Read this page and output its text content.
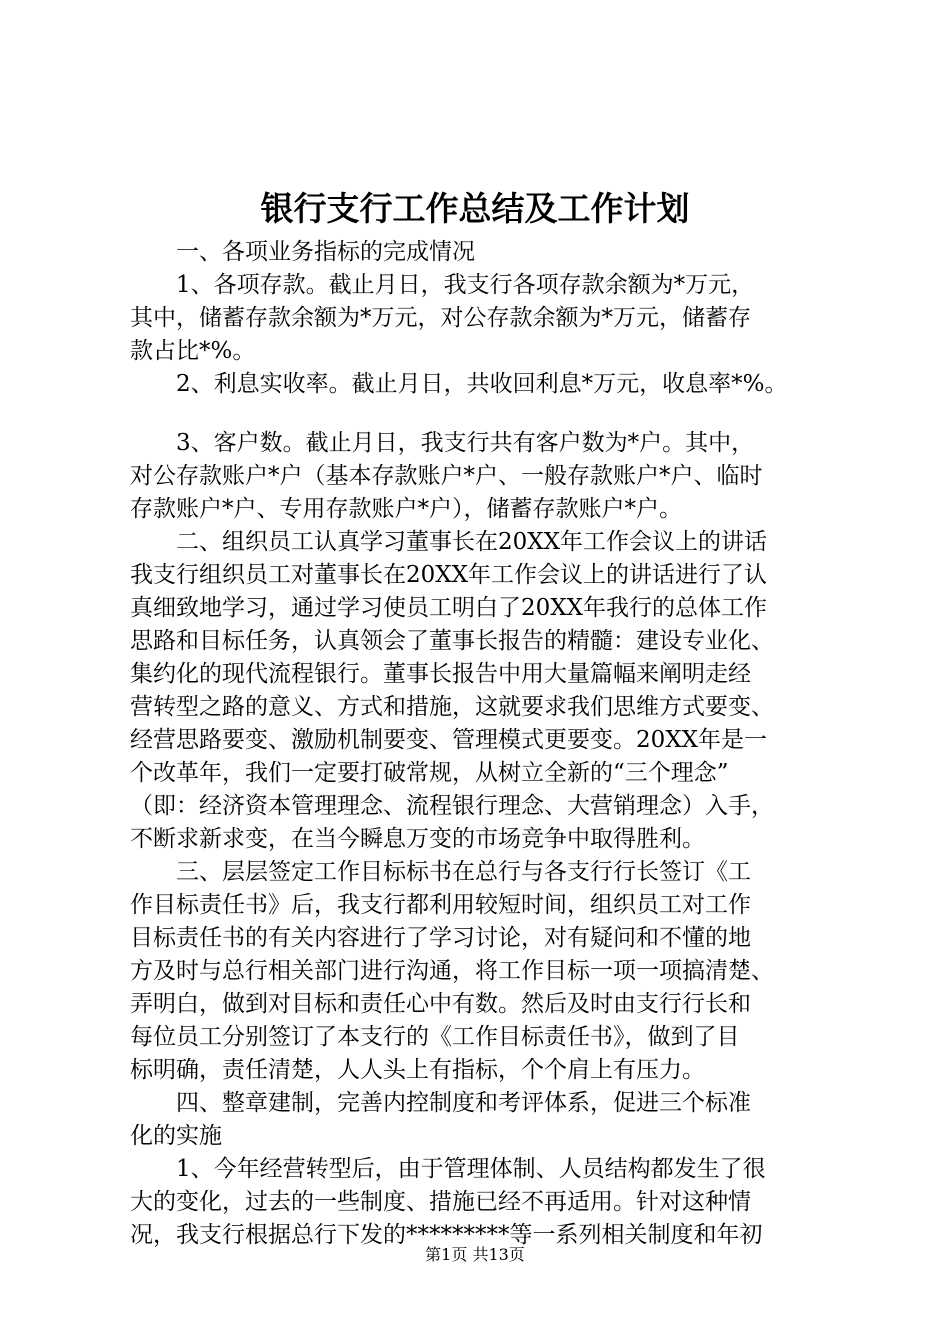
银行支行工作总结及工作计划
一、各项业务指标的完成情况
1、各项存款。截止月日，我支行各项存款余额为*万元，
其中，储蓄存款余额为*万元，对公存款余额为*万元，储蓄存
款占比*%。
2、利息实收率。截止月日，共收回利息*万元，收息率*%。
3、客户数。截止月日，我支行共有客户数为*户。其中，
对公存款账户*户（基本存款账户*户、一般存款账户*户、临时
存款账户*户、专用存款账户*户），储蓄存款账户*户。
二、组织员工认真学习董事长在20XX年工作会议上的讲话
我支行组织员工对董事长在20XX年工作会议上的讲话进行了认
真细致地学习，通过学习使员工明白了20XX年我行的总体工作
思路和目标任务，认真领会了董事长报告的精髓：建设专业化、
集约化的现代流程银行。董事长报告中用大量篇幅来阐明走经
营转型之路的意义、方式和措施，这就要求我们思维方式要变、
经营思路要变、激励机制要变、管理模式更要变。20XX年是一
个改革年，我们一定要打破常规，从树立全新的“三个理念”
（即：经济资本管理理念、流程银行理念、大营销理念）入手，
不断求新求变，在当今瞬息万变的市场竞争中取得胜利。
三、层层签定工作目标标书在总行与各支行行长签订《工
作目标责任书》后，我支行都利用较短时间，组织员工对工作
目标责任书的有关内容进行了学习讨论，对有疑问和不懂的地
方及时与总行相关部门进行沟通，将工作目标一项一项搞清楚、
弄明白，做到对目标和责任心中有数。然后及时由支行行长和
每位员工分别签订了本支行的《工作目标责任书》，做到了目
标明确，责任清楚，人人头上有指标，个个肩上有压力。
四、整章建制，完善内控制度和考评体系，促进三个标准
化的实施
1、今年经营转型后，由于管理体制、人员结构都发生了很
大的变化，过去的一些制度、措施已经不再适用。针对这种情
况，我支行根据总行下发的*********等一系列相关制度和年初
第1页 共13页
